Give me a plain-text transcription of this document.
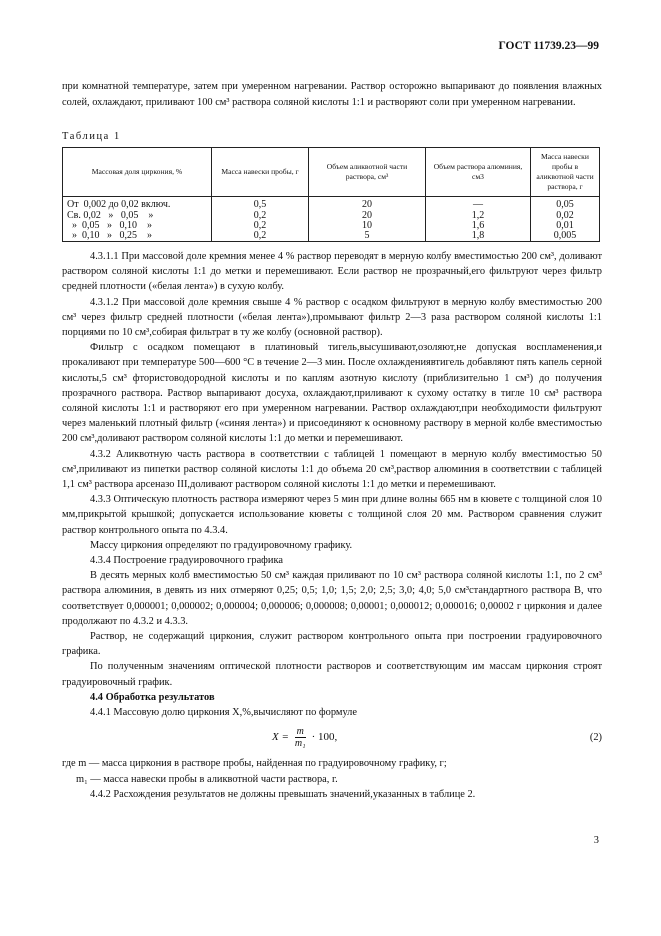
ГОСТ 11739.23—99
при комнатной температуре, затем при умеренном нагревании. Раствор осторожно выпаривают до появления влажных солей, охлаждают, приливают 100 см³ раствора соляной кислоты 1:1 и растворяют соли при умеренном нагревании.
Таблица 1
Массовая доля циркония, %	Масса навески пробы, г	Объем аликвотной части раствора, см³	Объем раствора алюминия, см3	Масса навески пробы в аликвотной части раствора, г
От  0,002 до 0,02 включ.	0,5	20	—	0,05
Св. 0,02   »   0,05    »	0,2	20	1,2	0,02
»  0,05   »   0,10    »	0,2	10	1,6	0,01
»  0,10   »   0,25    »	0,2	5	1,8	0,005

4.3.1.1 При массовой доле кремния менее 4 % раствор переводят в мерную колбу вместимостью 200 см³, доливают раствором соляной кислоты 1:1 до метки и перемешивают. Если раствор не прозрачный,его фильтруют через фильтр средней плотности («белая лента») в сухую колбу.

4.3.1.2 При массовой доле кремния свыше 4 % раствор с осадком фильтруют в мерную колбу вместимостью 200 см³ через фильтр средней плотности («белая лента»),промывают фильтр 2—3 раза раствором соляной кислоты 1:1 порциями по 10 см³,собирая фильтрат в ту же колбу (основной раствор).

Фильтр с осадком помещают в платиновый тигель,высушивают,озоляют,не допуская воспламенения,и прокаливают при температуре 500—600 °С в течение 2—3 мин. После охлаждениявтигель добавляют пять капель серной кислоты,5 см³ фтористоводородной кислоты и по каплям азотную кислоту (приблизительно 1 см³) до получения прозрачного раствора. Раствор выпаривают досуха, охлаждают,приливают к сухому остатку в тигле 10 см³ раствора соляной кислоты 1:1 и растворяют его при умеренном нагревании. Раствор охлаждают,при необходимости фильтруют через маленький плотный фильтр («синяя лента») и присоединяют к основному раствору в мерной колбе вместимостью 200 см³,доливают раствором соляной кислоты 1:1 до метки и перемешивают.

4.3.2 Аликвотную часть раствора в соответствии с таблицей 1 помещают в мерную колбу вместимостью 50 см³,приливают из пипетки раствор соляной кислоты 1:1 до объема 20 см³,раствор алюминия в соответствии с таблицей 1,1 см³ раствора арсеназо III,доливают раствором соляной кислоты 1:1 до метки и перемешивают.

4.3.3 Оптическую плотность раствора измеряют через 5 мин при длине волны 665 нм в кювете с толщиной слоя 10 мм,прикрытой крышкой; допускается использование кюветы с толщиной слоя 20 мм. Раствором сравнения служит раствор контрольного опыта по 4.3.4.

Массу циркония определяют по градуировочному графику.

4.3.4 Построение градуировочного графика

В десять мерных колб вместимостью 50 см³ каждая приливают по 10 см³ раствора соляной кислоты 1:1, по 2 см³ раствора алюминия, в девять из них отмеряют 0,25; 0,5; 1,0; 1,5; 2,0; 2,5; 3,0; 4,0; 5,0 см³стандартного раствора В, что соответствует 0,000001; 0,000002; 0,000004; 0,000006; 0,000008; 0,00001; 0,000012; 0,000016; 0,00002 г циркония и далее продолжают по 4.3.2 и 4.3.3.

Раствор, не содержащий циркония, служит раствором контрольного опыта при построении градуировочного графика.

По полученным значениям оптической плотности растворов и соответствующим им массам циркония строят градуировочный график.

4.4 Обработка результатов

4.4.1 Массовую долю циркония X,%,вычисляют по формуле

$X = \frac{m}{\text{m₁}} \cdot 100$,	(2)

где m — масса циркония в растворе пробы, найденная по градуировочному графику, г;

m₁ — масса навески пробы в аликвотной части раствора, г.

4.4.2 Расхождения результатов не должны превышать значений,указанных в таблице 2.

3
